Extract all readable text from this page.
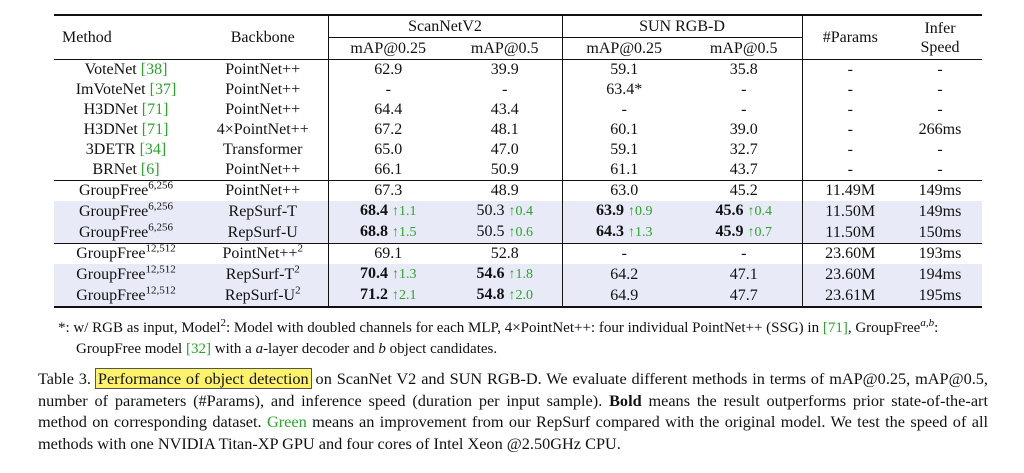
Method	Backbone	ScanNetV2		SUN RGB-D		#Params	Infer
Speed
		mAP@0.25	mAP@0.5	mAP@0.25	mAP@0.5		
VoteNet [38]	PointNet++	62.9	39.9	59.1	35.8	-	-
ImVoteNet [37]	PointNet++	-	-	63.4*	-	-	-
H3DNet [71]	PointNet++	64.4	43.4	-	-	-	-
H3DNet [71]	4×PointNet++	67.2	48.1	60.1	39.0	-	266ms
3DETR [34]	Transformer	65.0	47.0	59.1	32.7	-	-
BRNet [6]	PointNet++	66.1	50.9	61.1	43.7	-	-
GroupFree$^{6,256}$	PointNet++	67.3	48.9	63.0	45.2	11.49M	149ms
GroupFree$^{6,256}$	RepSurf-T	68.4 ↑1.1	50.3 ↑0.4	63.9 ↑0.9	45.6 ↑0.4	11.50M	149ms
GroupFree$^{6,256}$	RepSurf-U	68.8 ↑1.5	50.5 ↑0.6	64.3 ↑1.3	45.9 ↑0.7	11.50M	150ms
GroupFree$^{12,512}$	PointNet++$^2$	69.1	52.8	-	-	23.60M	193ms
GroupFree$^{12,512}$	RepSurf-$T^2$	70.4 ↑1.3	54.6 ↑1.8	64.2	47.1	23.60M	194ms
GroupFree$^{12,512}$	RepSurf-$U^2$	71.2 ↑2.1	54.8 ↑2.0	64.9	47.7	23.61M	195ms
*: w/ RGB as input, Model$^2$: Model with doubled channels for each MLP, 4×PointNet++: four individual PointNet++ (SSG) in [71], GroupFree$^{a,b}$:
GroupFree model [32] with a a-layer decoder and b object candidates.
Table 3. Performance of object detection on ScanNet V2 and SUN RGB-D. We evaluate different methods in terms of mAP@0.25, mAP@0.5, number of parameters (#Params), and inference speed (duration per input sample). Bold means the result outperforms prior state-of-the-art method on corresponding dataset. Green means an improvement from our RepSurf compared with the original model. We test the speed of all methods with one NVIDIA Titan-XP GPU and four cores of Intel Xeon @2.50GHz CPU.
